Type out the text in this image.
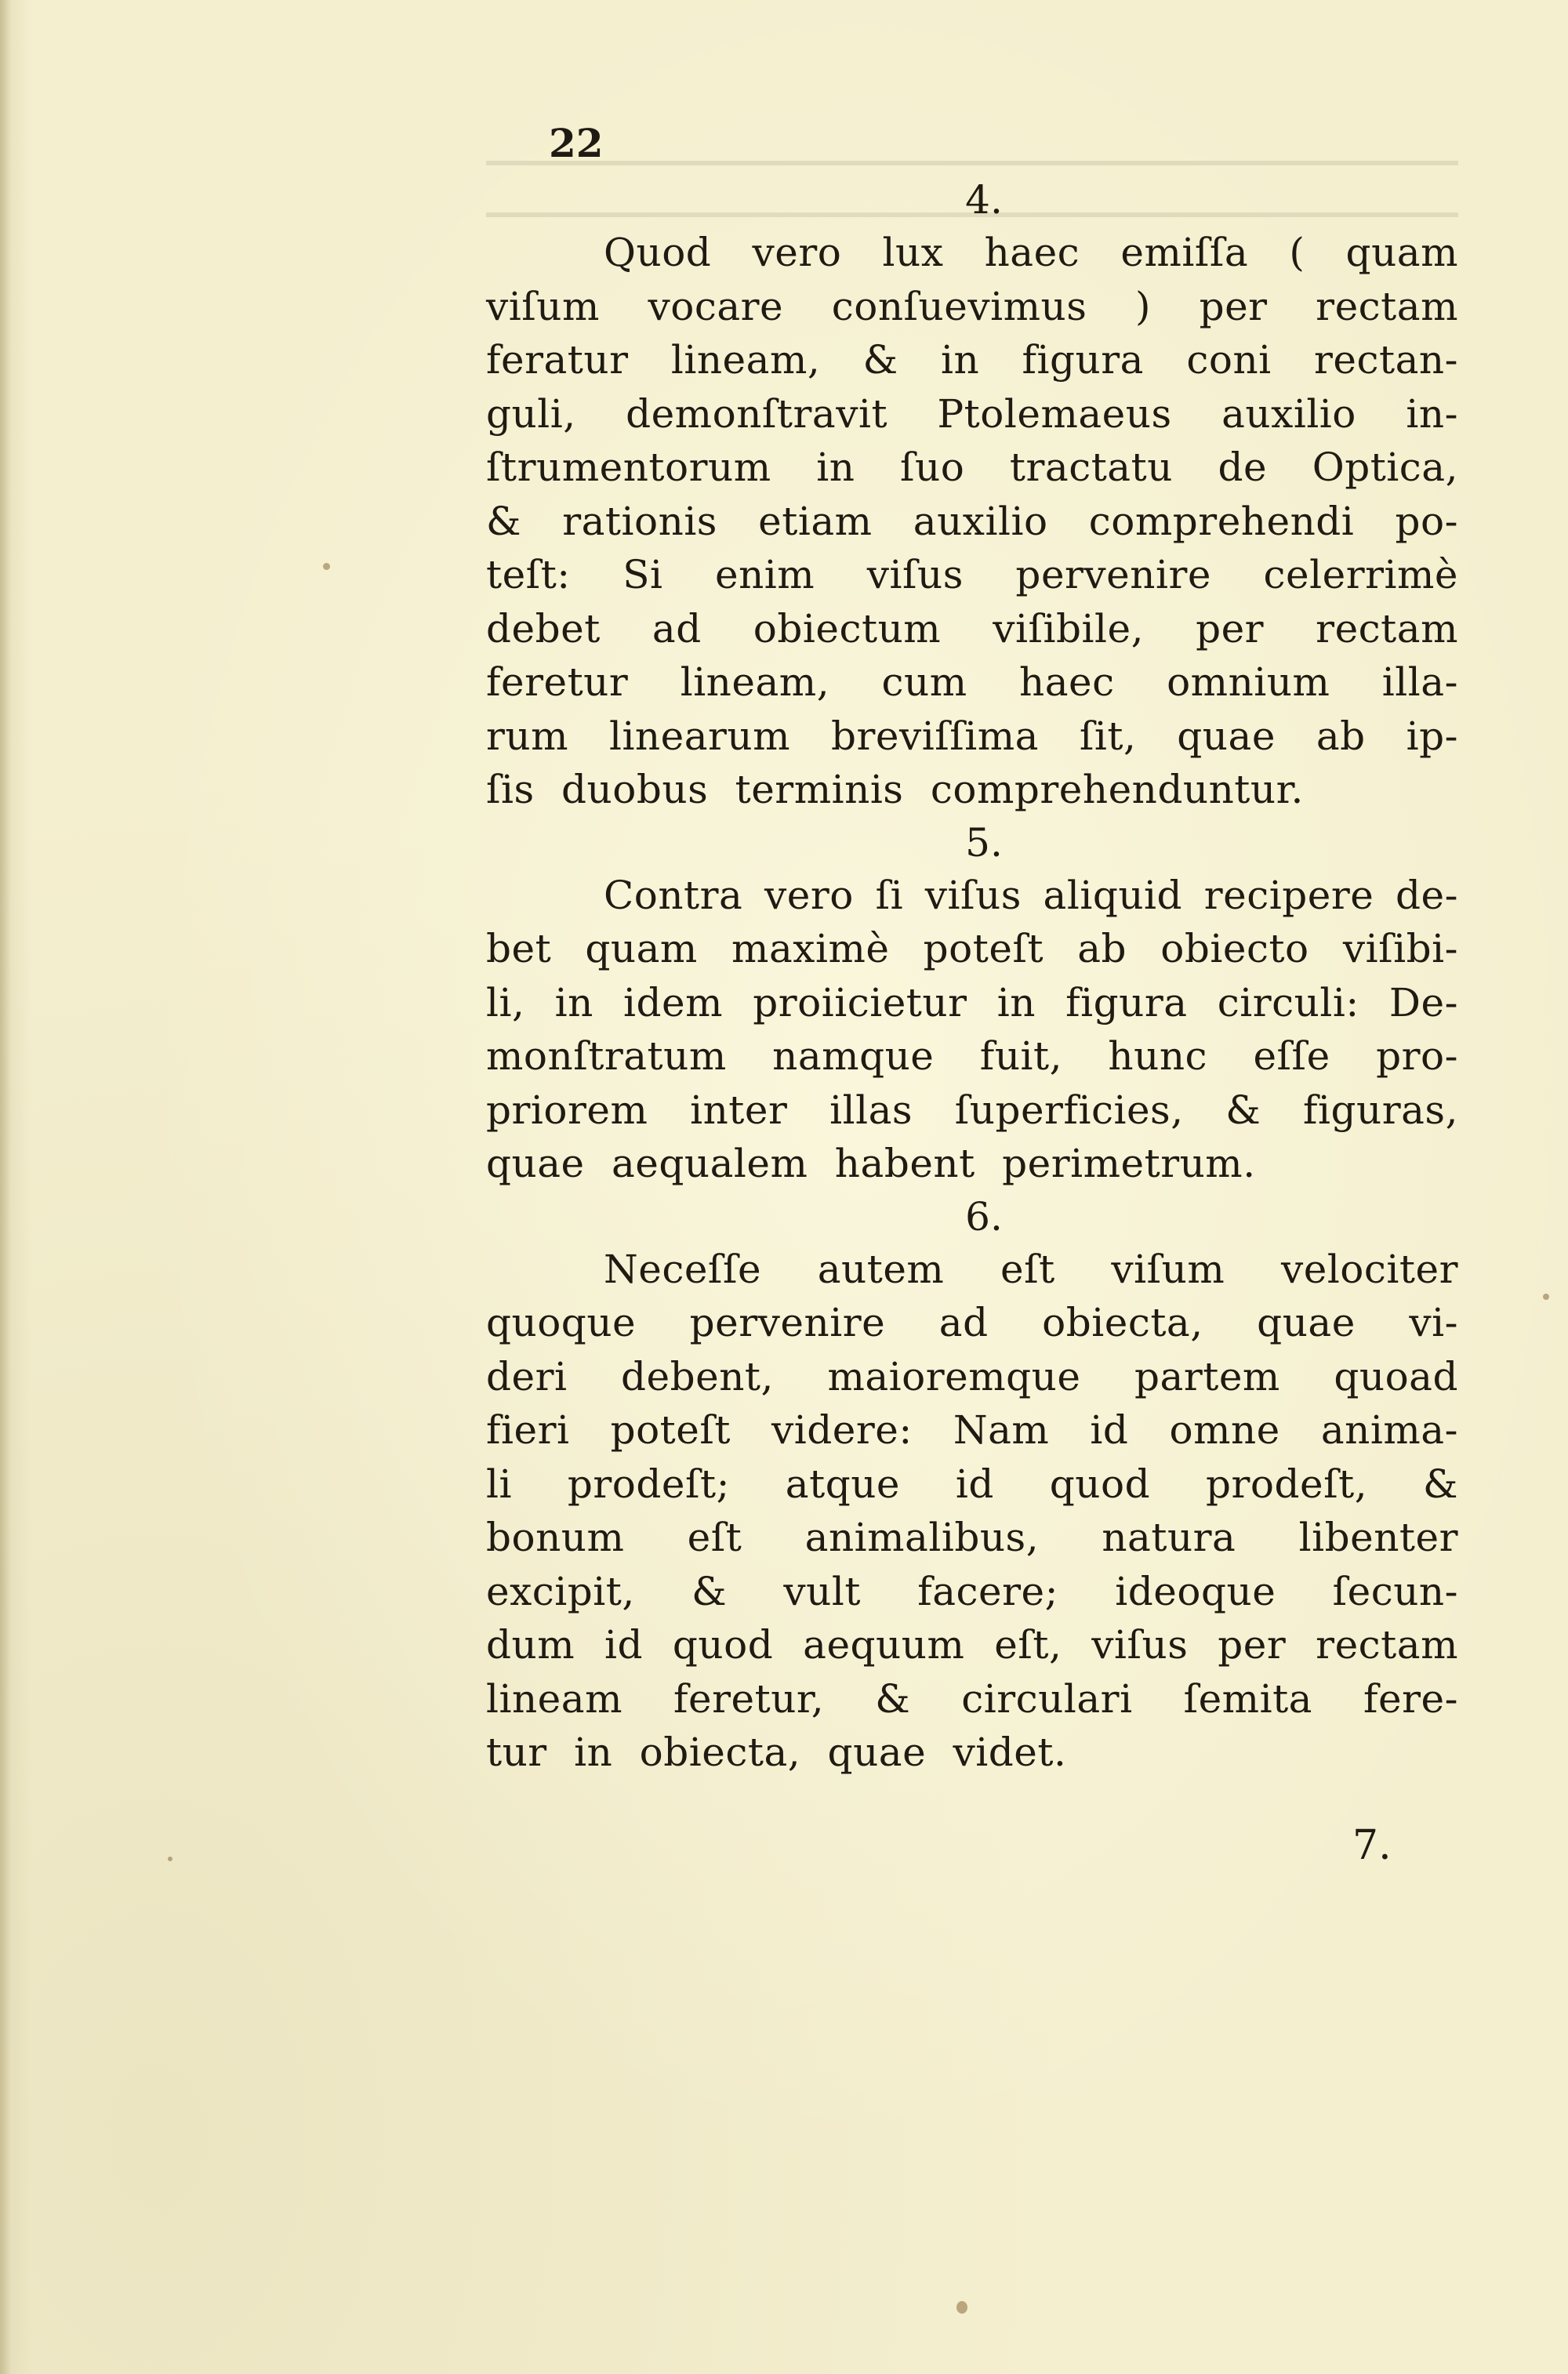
22
4.
Quod vero lux haec emiſſa ( quam
viſum vocare conſuevimus ) per rectam
feratur lineam, & in figura coni rectan-
guli, demonſtravit Ptolemaeus auxilio in-
ſtrumentorum in ſuo tractatu de Optica,
& rationis etiam auxilio comprehendi po-
teſt: Si enim viſus pervenire celerrimè
debet ad obiectum viſibile, per rectam
feretur lineam, cum haec omnium illa-
rum linearum breviſſima ſit, quae ab ip-
ſis duobus terminis comprehenduntur.
5.
Contra vero ſi viſus aliquid recipere de-
bet quam maximè poteſt ab obiecto viſibi-
li, in idem proiicietur in figura circuli: De-
monſtratum namque fuit, hunc eſſe pro-
priorem inter illas ſuperficies, & figuras,
quae aequalem habent perimetrum.
6.
Neceſſe autem eſt viſum velociter
quoque pervenire ad obiecta, quae vi-
deri debent, maioremque partem quoad
fieri poteſt videre: Nam id omne anima-
li prodeſt; atque id quod prodeſt, &
bonum eſt animalibus, natura libenter
excipit, & vult facere; ideoque ſecun-
dum id quod aequum eſt, viſus per rectam
lineam feretur, & circulari ſemita fere-
tur in obiecta, quae videt.
7.
